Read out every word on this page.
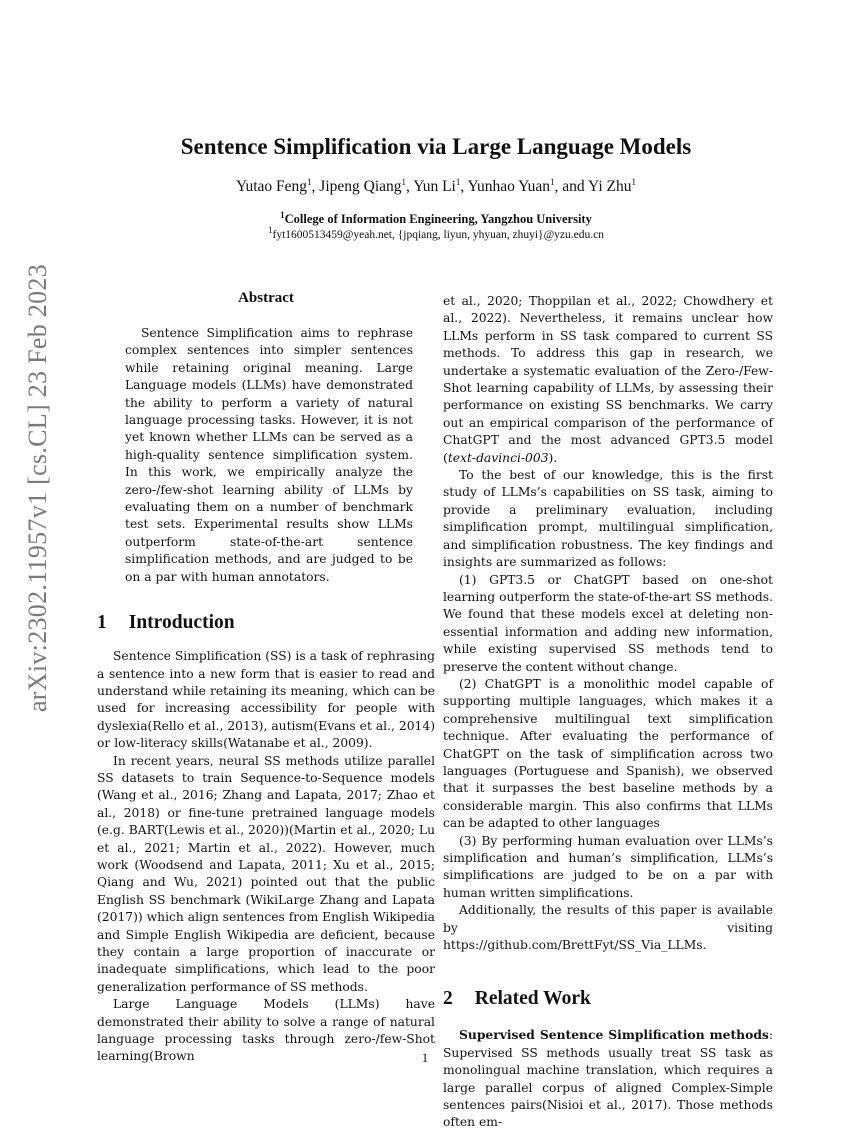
arXiv:2302.11957v1 [cs.CL] 23 Feb 2023
Sentence Simplification via Large Language Models
Yutao Feng$^1$, Jipeng Qiang$^1$, Yun Li$^1$, Yunhao Yuan$^1$, and Yi Zhu$^1$
$^1$College of Information Engineering, Yangzhou University
$^1$fyt1600513459@yeah.net, {jpqiang, liyun, yhyuan, zhuyi}@yzu.edu.cn
Abstract

Sentence Simplification aims to rephrase complex sentences into simpler sentences while retaining original meaning. Large Language models (LLMs) have demonstrated the ability to perform a variety of natural language processing tasks. However, it is not yet known whether LLMs can be served as a high-quality sentence simplification system. In this work, we empirically analyze the zero-/few-shot learning ability of LLMs by evaluating them on a number of benchmark test sets. Experimental results show LLMs outperform state-of-the-art sentence simplification methods, and are judged to be on a par with human annotators.

1 Introduction

Sentence Simplification (SS) is a task of rephrasing a sentence into a new form that is easier to read and understand while retaining its meaning, which can be used for increasing accessibility for people with dyslexia(Rello et al., 2013), autism(Evans et al., 2014) or low-literacy skills(Watanabe et al., 2009).

In recent years, neural SS methods utilize parallel SS datasets to train Sequence-to-Sequence models (Wang et al., 2016; Zhang and Lapata, 2017; Zhao et al., 2018) or fine-tune pretrained language models (e.g. BART(Lewis et al., 2020))(Martin et al., 2020; Lu et al., 2021; Martin et al., 2022). However, much work (Woodsend and Lapata, 2011; Xu et al., 2015; Qiang and Wu, 2021) pointed out that the public English SS benchmark (WikiLarge Zhang and Lapata (2017)) which align sentences from English Wikipedia and Simple English Wikipedia are deficient, because they contain a large proportion of inaccurate or inadequate simplifications, which lead to the poor generalization performance of SS methods.

Large Language Models (LLMs) have demonstrated their ability to solve a range of natural language processing tasks through zero-/few-Shot learning(Brown

et al., 2020; Thoppilan et al., 2022; Chowdhery et al., 2022). Nevertheless, it remains unclear how LLMs perform in SS task compared to current SS methods. To address this gap in research, we undertake a systematic evaluation of the Zero-/Few-Shot learning capability of LLMs, by assessing their performance on existing SS benchmarks. We carry out an empirical comparison of the performance of ChatGPT and the most advanced GPT3.5 model (text-davinci-003).

To the best of our knowledge, this is the first study of LLMs’s capabilities on SS task, aiming to provide a preliminary evaluation, including simplification prompt, multilingual simplification, and simplification robustness. The key findings and insights are summarized as follows:

(1) GPT3.5 or ChatGPT based on one-shot learning outperform the state-of-the-art SS methods. We found that these models excel at deleting non-essential information and adding new information, while existing supervised SS methods tend to preserve the content without change.

(2) ChatGPT is a monolithic model capable of supporting multiple languages, which makes it a comprehensive multilingual text simplification technique. After evaluating the performance of ChatGPT on the task of simplification across two languages (Portuguese and Spanish), we observed that it surpasses the best baseline methods by a considerable margin. This also confirms that LLMs can be adapted to other languages

(3) By performing human evaluation over LLMs’s simplification and human’s simplification, LLMs’s simplifications are judged to be on a par with human written simplifications.

Additionally, the results of this paper is available by visiting https://github.com/BrettFyt/SS_Via_LLMs.

2 Related Work

Supervised Sentence Simplification methods: Supervised SS methods usually treat SS task as monolingual machine translation, which requires a large parallel corpus of aligned Complex-Simple sentences pairs(Nisioi et al., 2017). Those methods often em-

1
